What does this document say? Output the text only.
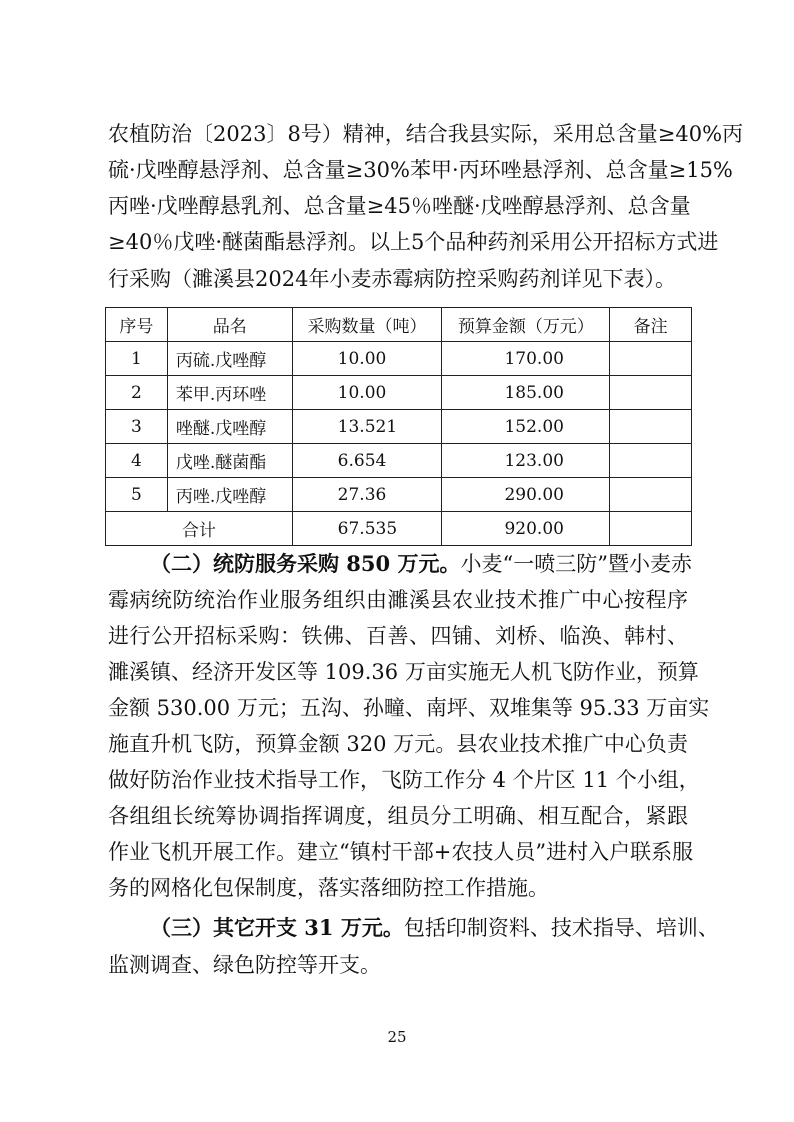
农植防治〔2023〕8号）精神，结合我县实际，采用总含量≥40%丙
硫·戊唑醇悬浮剂、总含量≥30%苯甲·丙环唑悬浮剂、总含量≥15%
丙唑·戊唑醇悬乳剂、总含量≥45％唑醚·戊唑醇悬浮剂、总含量
≥40％戊唑·醚菌酯悬浮剂。以上5个品种药剂采用公开招标方式进
行采购（濉溪县2024年小麦赤霉病防控采购药剂详见下表）。
序号	品名	采购数量（吨）	预算金额（万元）	备注
1	丙硫.戊唑醇	10.00	170.00	
2	苯甲.丙环唑	10.00	185.00	
3	唑醚.戊唑醇	13.521	152.00	
4	戊唑.醚菌酯	6.654	123.00	
5	丙唑.戊唑醇	27.36	290.00	
合计		67.535	920.00	
（二）统防服务采购 850 万元。小麦“一喷三防”暨小麦赤
霉病统防统治作业服务组织由濉溪县农业技术推广中心按程序
进行公开招标采购：铁佛、百善、四铺、刘桥、临涣、韩村、
濉溪镇、经济开发区等 109.36 万亩实施无人机飞防作业，预算
金额 530.00 万元；五沟、孙疃、南坪、双堆集等 95.33 万亩实
施直升机飞防，预算金额 320 万元。县农业技术推广中心负责
做好防治作业技术指导工作，飞防工作分 4 个片区 11 个小组，
各组组长统筹协调指挥调度，组员分工明确、相互配合，紧跟
作业飞机开展工作。建立“镇村干部+农技人员”进村入户联系服
务的网格化包保制度，落实落细防控工作措施。
（三）其它开支 31 万元。包括印制资料、技术指导、培训、
监测调查、绿色防控等开支。
25
